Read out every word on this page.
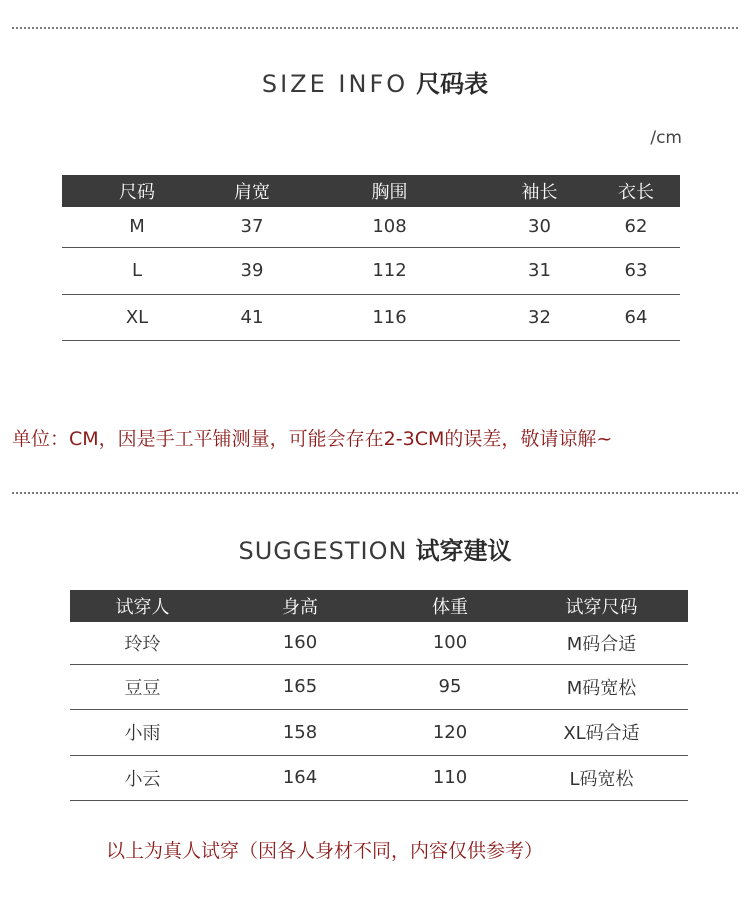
SIZE INFO 尺码表
/cm
尺码	肩宽	胸围	袖长	衣长
M	37	108	30	62
L	39	112	31	63
XL	41	116	32	64
单位：CM，因是手工平铺测量，可能会存在2-3CM的误差，敬请谅解~
SUGGESTION 试穿建议
试穿人	身高	体重	试穿尺码
玲玲	160	100	M码合适
豆豆	165	95	M码宽松
小雨	158	120	XL码合适
小云	164	110	L码宽松
以上为真人试穿（因各人身材不同，内容仅供参考）
